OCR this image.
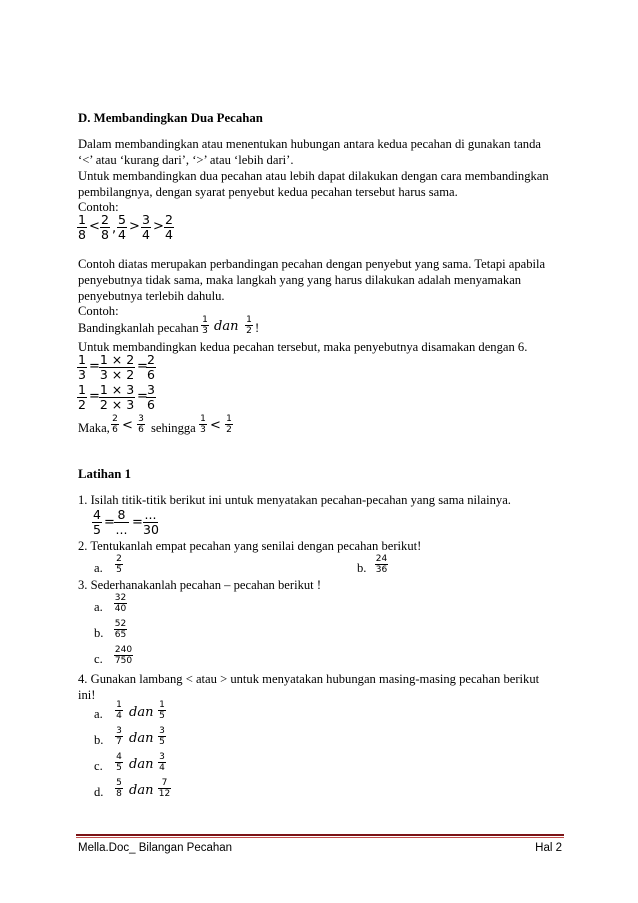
D. Membandingkan Dua Pecahan
Dalam membandingkan atau menentukan hubungan antara kedua pecahan di gunakan tanda
‘<’ atau ‘kurang dari’, ‘>’ atau ‘lebih dari’.
Untuk membandingkan dua pecahan atau lebih dapat dilakukan dengan cara membandingkan
pembilangnya, dengan syarat penyebut kedua pecahan tersebut harus sama.
Contoh:
$\frac{1}{8} < \frac{2}{8}$ , $\frac{5}{4} > \frac{3}{4} > \frac{2}{4}$
Contoh diatas merupakan perbandingan pecahan dengan penyebut yang sama. Tetapi apabila
penyebutnya tidak sama, maka langkah yang yang harus dilakukan adalah menyamakan
penyebutnya terlebih dahulu.
Contoh:
Bandingkanlah pecahan $\frac{1}{3}$ dan $\frac{1}{2}$ !
Untuk membandingkan kedua pecahan tersebut, maka penyebutnya disamakan dengan 6.
$\frac{1}{3} = \frac{1 \times 2}{3 \times 2}$ =
$\frac{2}{6}$
$\frac{1}{2} = \frac{1 \times 3}{2 \times 3}$ =
$\frac{3}{6}$
Maka, $\frac{2}{6} < \frac{3}{6}$ sehingga $\frac{1}{3} < \frac{1}{2}$
Latihan 1
1. Isilah titik-titik berikut ini untuk menyatakan pecahan-pecahan yang sama nilainya.
$\frac{4}{5}$ =
8
... =
...
30
2. Tentukanlah empat pecahan yang senilai dengan pecahan berikut!
a. $\frac{2}{5}$	b. $\frac{24}{36}$
3. Sederhanakanlah pecahan – pecahan berikut !
a. $\frac{32}{40}$
b. $\frac{52}{65}$
c. $\frac{240}{750}$
4. Gunakan lambang < atau > untuk menyatakan hubungan masing-masing pecahan berikut
ini!
a. $\frac{1}{4}$ dan $\frac{1}{5}$
b. $\frac{3}{7}$ dan $\frac{3}{5}$
c. $\frac{4}{5}$ dan $\frac{3}{4}$
d. $\frac{5}{8}$ dan $\frac{7}{12}$
Mella.Doc_ Bilangan Pecahan	Hal 2
